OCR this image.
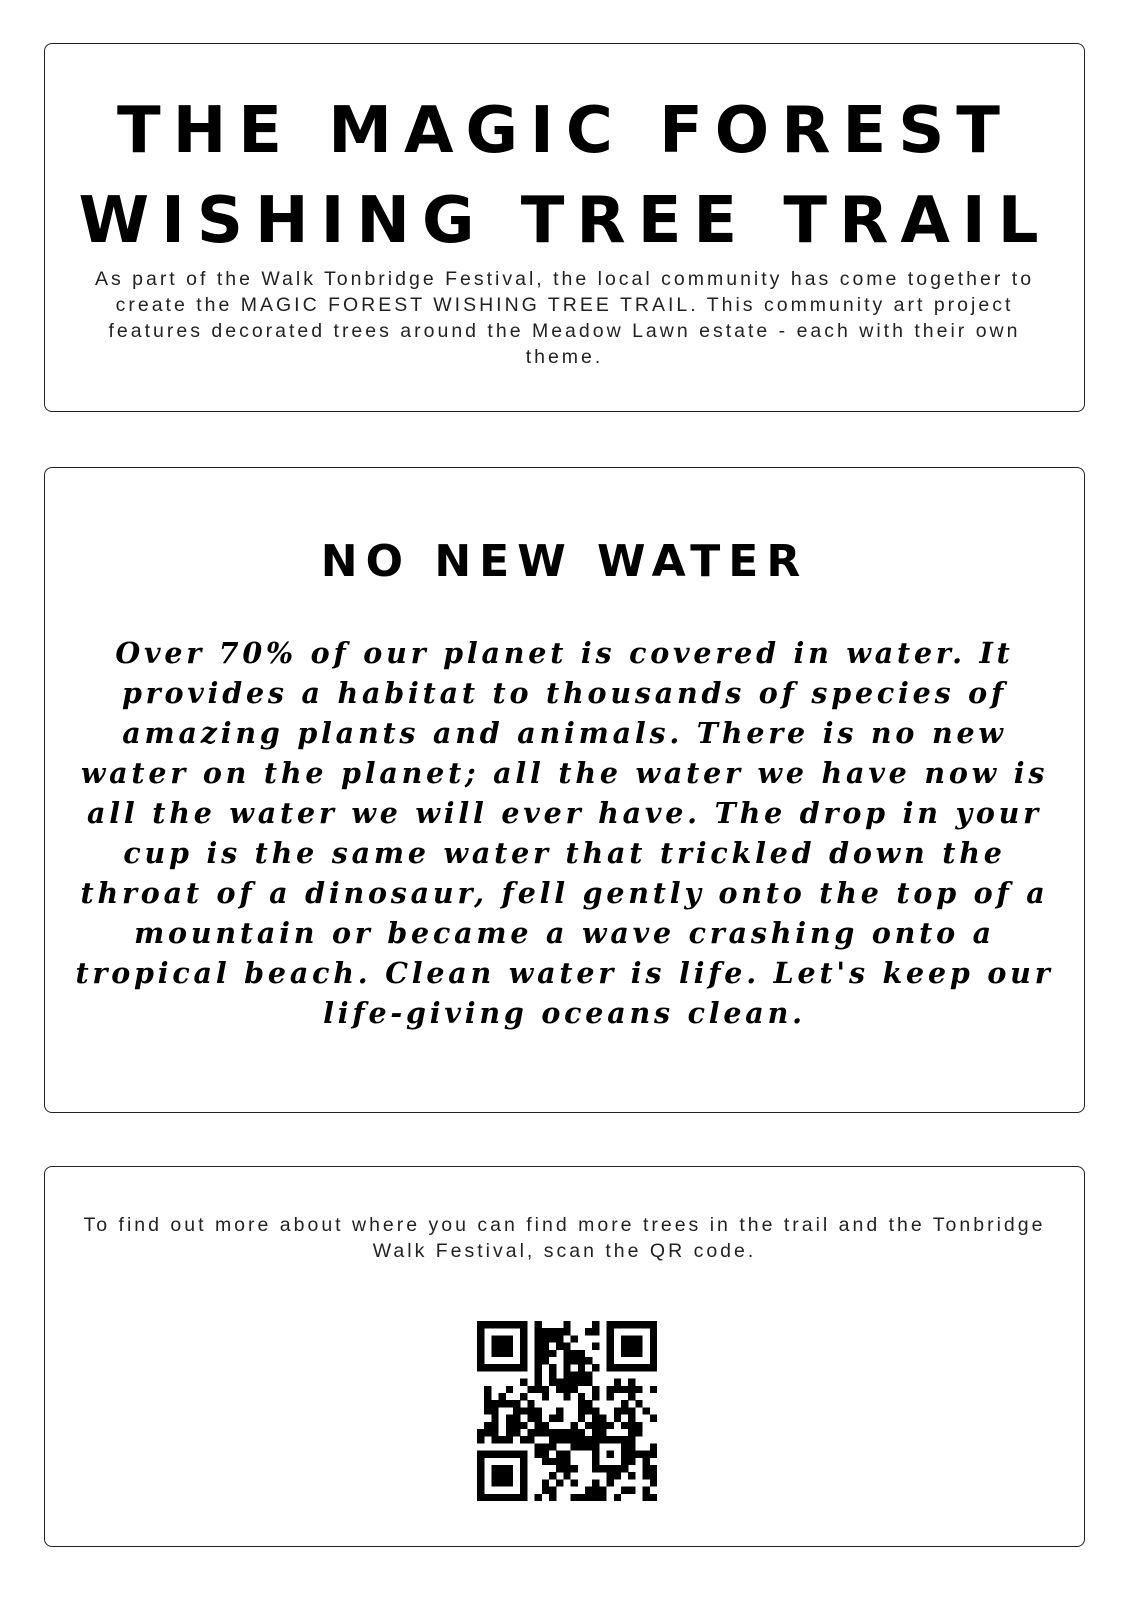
THE MAGIC FOREST
WISHING TREE TRAIL

As part of the Walk Tonbridge Festival, the local community has come together to create the MAGIC FOREST WISHING TREE TRAIL. This community art project features decorated trees around the Meadow Lawn estate - each with their own theme.

NO NEW WATER

Over 70% of our planet is covered in water. It provides a habitat to thousands of species of amazing plants and animals. There is no new water on the planet; all the water we have now is all the water we will ever have. The drop in your cup is the same water that trickled down the throat of a dinosaur, fell gently onto the top of a mountain or became a wave crashing onto a tropical beach. Clean water is life. Let's keep our life-giving oceans clean.

To find out more about where you can find more trees in the trail and the Tonbridge Walk Festival, scan the QR code.
